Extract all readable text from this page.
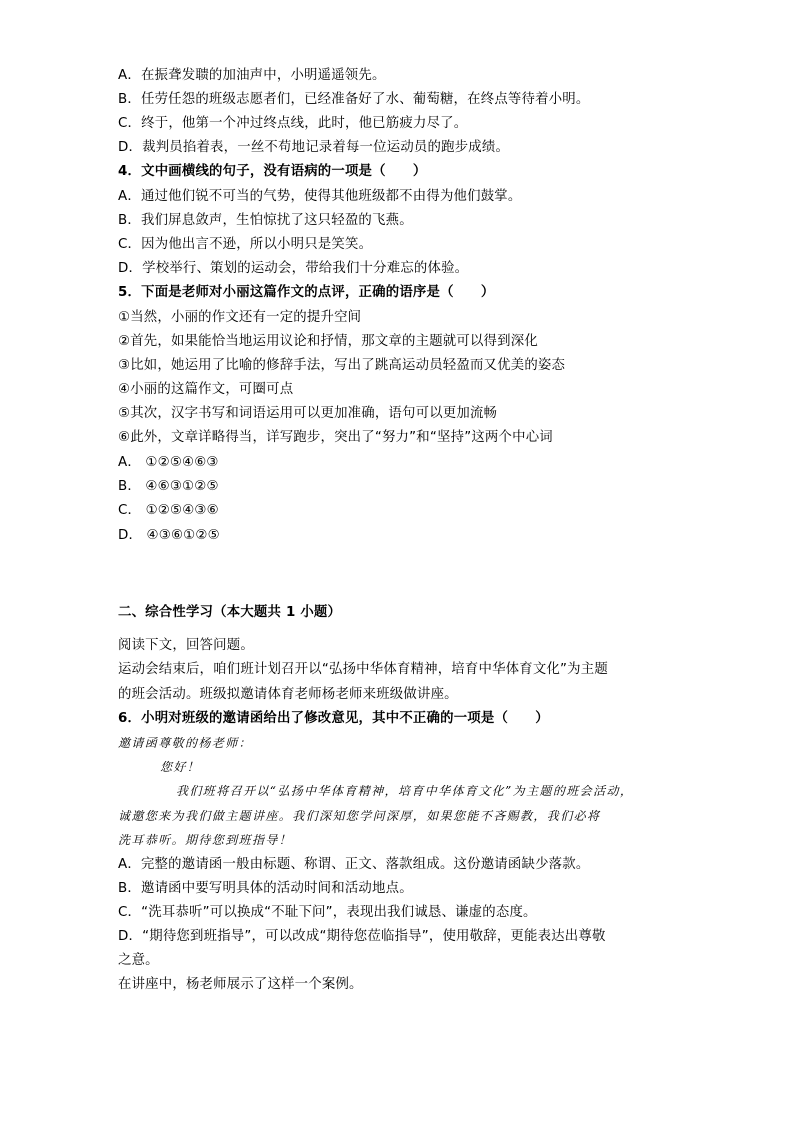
A．在振聋发聩的加油声中，小明遥遥领先。
B．任劳任怨的班级志愿者们，已经准备好了水、葡萄糖，在终点等待着小明。
C．终于，他第一个冲过终点线，此时，他已筋疲力尽了。
D．裁判员掐着表，一丝不苟地记录着每一位运动员的跑步成绩。
4．文中画横线的句子，没有语病的一项是（　　）
A．通过他们锐不可当的气势，使得其他班级都不由得为他们鼓掌。
B．我们屏息敛声，生怕惊扰了这只轻盈的飞燕。
C．因为他出言不逊，所以小明只是笑笑。
D．学校举行、策划的运动会，带给我们十分难忘的体验。
5．下面是老师对小丽这篇作文的点评，正确的语序是（　　）
①当然，小丽的作文还有一定的提升空间
②首先，如果能恰当地运用议论和抒情，那文章的主题就可以得到深化
③比如，她运用了比喻的修辞手法，写出了跳高运动员轻盈而又优美的姿态
④小丽的这篇作文，可圈可点
⑤其次，汉字书写和词语运用可以更加准确，语句可以更加流畅
⑥此外，文章详略得当，详写跑步，突出了“努力”和“坚持”这两个中心词
A． ①②⑤④⑥③
B． ④⑥③①②⑤
C． ①②⑤④③⑥
D． ④③⑥①②⑤
二、综合性学习（本大题共 1 小题）
阅读下文，回答问题。
运动会结束后，咱们班计划召开以“弘扬中华体育精神，培育中华体育文化”为主题
的班会活动。班级拟邀请体育老师杨老师来班级做讲座。
6．小明对班级的邀请函给出了修改意见，其中不正确的一项是（　　）
邀请函尊敬的杨老师：
您好！
我们班将召开以“弘扬中华体育精神，培育中华体育文化”为主题的班会活动，
诚邀您来为我们做主题讲座。我们深知您学问深厚，如果您能不吝赐教，我们必将
洗耳恭听。期待您到班指导！
A．完整的邀请函一般由标题、称谓、正文、落款组成。这份邀请函缺少落款。
B．邀请函中要写明具体的活动时间和活动地点。
C．“洗耳恭听”可以换成“不耻下问”，表现出我们诚恳、谦虚的态度。
D．“期待您到班指导”，可以改成“期待您莅临指导”，使用敬辞，更能表达出尊敬
之意。
在讲座中，杨老师展示了这样一个案例。
